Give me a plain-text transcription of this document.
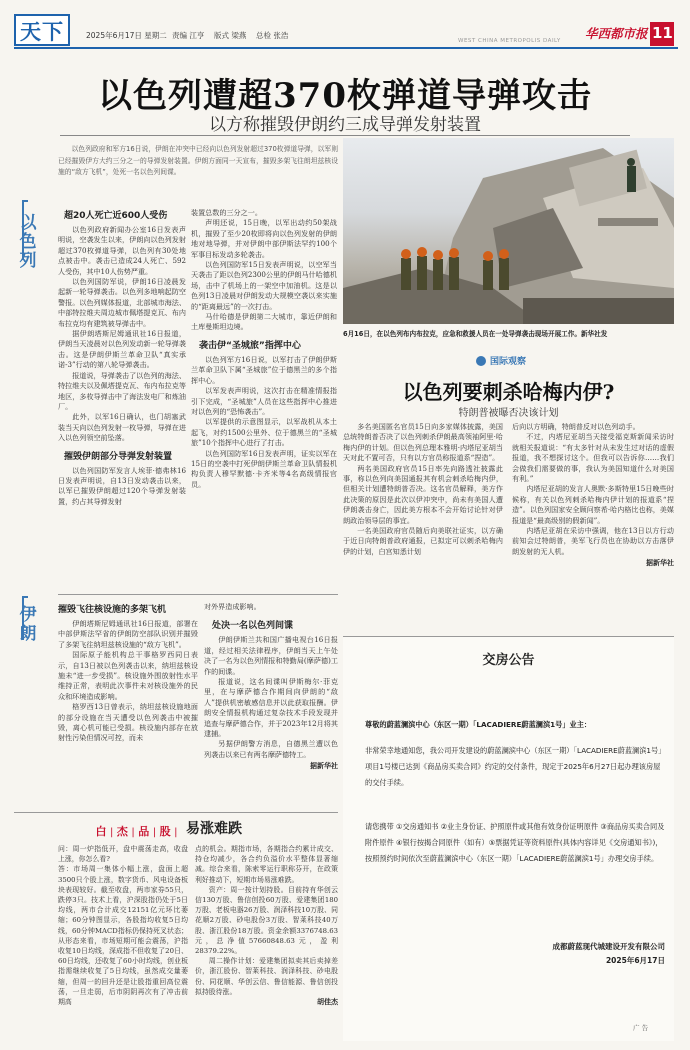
天下	2025年6月17日 星期二 责编 江亨 版式 梁燕 总检 张浩
WEST CHINA METROPOLIS DAILY 华西都市报 11
以色列遭超370枚弹道导弹攻击
以方称摧毁伊朗约三成导弹发射装置

以色列政府和军方16日说，伊朗在冲突中已经向以色列发射超过370枚弹道导弹，以军则已经摧毁伊方大约三分之一的导弹发射装置。伊朗方面同一天宣布，摧毁多架飞往朗坦兹核设施的“敌方飞机”，处死一名以色列间谍。

6月16日，在以色列布内布拉克，应急和救援人员在一处导弹袭击现场开展工作。新华社发
以色列
超20人死亡近600人受伤

以色列政府新闻办公室16日发表声明说，空袭发生以来，伊朗向以色列发射超过370枚弹道导弹，以色列有30处地点被击中。袭击已造成24人死亡、592人受伤，其中10人伤势严重。

以色列国防军说，伊朗16日凌晨发起新一轮导弹袭击。以色列多地响起防空警报。以色列媒体报道，北部城市海法、中部特拉维夫周边城市佩塔提克瓦、布内布拉克均有建筑被导弹击中。

据伊朗塔斯尼姆通讯社16日报道，伊朗当天凌晨对以色列发动新一轮导弹袭击。这是伊朗伊斯兰革命卫队“真实承诺-3”行动的第八轮导弹袭击。

报道说，导弹袭击了以色列的海法、特拉维夫以及佩塔提克瓦、布内布拉克等地区，多枚导弹击中了海法发电厂和炼油厂。

此外，以军16日确认，也门胡塞武装当天向以色列发射一枚导弹，导弹在进入以色列领空前坠落。

摧毁伊朗部分导弹发射装置

以色列国防军发言人埃菲·德弗林16日发表声明说，自13日发动袭击以来，以军已摧毁伊朗超过120个导弹发射装置，约占其导弹发射

装置总数的三分之一。

声明还说，15日晚，以军出动约50架战机，摧毁了至少20枚即将向以色列发射的伊朗地对地导弹，并对伊朗中部伊斯法罕约100个军事目标发动多轮袭击。

以色列国防军15日发表声明说，以空军当天袭击了距以色列2300公里的伊朗马什哈德机场，击中了机场上的一架空中加油机。这是以色列13日凌晨对伊朗发动大规模空袭以来实施的“距离最远”的一次打击。

马什哈德是伊朗第二大城市，靠近伊朗和土库曼斯坦边境。

袭击伊“圣城旅”指挥中心

以色列军方16日说，以军打击了伊朗伊斯兰革命卫队下属“圣城旅”位于德黑兰的多个指挥中心。

以军发表声明说，这次打击在精准情报指引下完成，“圣城旅”人员在这些指挥中心推进对以色列的“恐怖袭击”。

以军提供的示意图显示，以军战机从本土起飞，对约1500公里外、位于德黑兰的“圣城旅”10个指挥中心进行了打击。

以色列国防军16日发表声明，证实以军在15日的空袭中打死伊朗伊斯兰革命卫队情报机构负责人穆罕默德·卡齐米等4名高级情报官员。

伊朗
摧毁飞往核设施的多架飞机

伊朗塔斯尼姆通讯社16日报道，部署在中部伊斯法罕省的伊朗防空部队识别并摧毁了多架飞往纳坦兹核设施的“敌方飞机”。

国际原子能机构总干事格罗西同日表示，自13日被以色列袭击以来，纳坦兹核设施未“进一步受损”。核设施外围放射性水平维持正常，表明此次事件未对核设施外的民众和环境造成影响。

格罗西13日曾表示，纳坦兹核设施地面的部分设施在当天遭受以色列袭击中被摧毁，离心机可能已受损。核设施内部存在放射性污染但情况可控，而未

对外界造成影响。

处决一名以色列间谍

伊朗伊斯兰共和国广播电视台16日报道，经过相关法律程序，伊朗当天上午处决了一名为以色列情报和特勤局(摩萨德)工作的间谍。

报道说，这名间谍叫伊斯梅尔·菲克里，在与摩萨德合作期间向伊朗的“敌人”提供机密敏感信息并以此获取报酬。伊朗安全情报机构通过复杂技术手段发现并追查与摩萨德合作，并于2023年12月将其逮捕。

另据伊朗警方消息，自德黑兰遭以色列袭击以来已有两名摩萨德特工。

据新华社
国际观察
以色列要刺杀哈梅内伊?
特朗普被曝否决该计划

多名美国匿名官员15日向多家媒体披露，美国总统特朗普否决了以色列刺杀伊朗最高领袖阿里·哈梅内伊的计划。但以色列总理本雅明·内塔尼亚胡当天对此不置可否，只有以方官员称报道系“捏造”。

两名美国政府官员15日率先向路透社披露此事，称以色列向美国通报其有机会刺杀哈梅内伊，但相关计划遭特朗普否决。这名官员解释，美方作此决策的原因是此次以伊冲突中，尚未有美国人遭伊朗袭击身亡，因此美方根本不会开始讨论针对伊朗政治领导层的事宜。

一名美国政府官员随后向美联社证实，以方确于近日向特朗普政府通报，已拟定可以刺杀哈梅内伊的计划，白宫知悉计划

后向以方明确，特朗普反对以色列动手。

不过，内塔尼亚胡当天接受福克斯新闻采访时就相关报道说：“有太多针对从未发生过对话的虚假报道，我不想探讨这个。但我可以告诉你……我们会做我们需要做的事，我认为美国知道什么对美国有利。”

内塔尼亚胡的发言人奥默·多斯特里15日晚些时候称，有关以色列刺杀哈梅内伊计划的报道系“捏造”。以色列国家安全顾问察希·哈内格比也称，美媒报道是“最高级别的假新闻”。

内塔尼亚胡在采访中强调，他在13日以方行动前知会过特朗普，美军飞行员也在协助以方击落伊朗发射的无人机。

据新华社
交房公告
尊敬的蔚蓝澜滨中心（东区一期）「LACADIERE蔚蓝澜滨1号」业主：
非常荣幸地通知您，我公司开发建设的蔚蓝澜滨中心（东区一期）「LACADIERE蔚蓝澜滨1号」项目1号楼已达到《商品房买卖合同》约定的交付条件，现定于2025年6月27日起办理该房屋的交付手续。
请您携带 ①交房通知书 ②业主身份证、护照原件或其他有效身份证明原件 ③商品房买卖合同及附件原件 ④银行按揭合同原件（如有）⑤票据凭证等资料原件(具体内容详见《交房通知书》)，按照预约时间依次至蔚蓝澜滨中心（东区一期）「LACADIERE蔚蓝澜滨1号」办理交房手续。
成都蔚蓝现代城建设开发有限公司
2025年6月17日
广 告
白 | 杰 | 品 | 股 | 易涨难跌

问：周一炉指低开，盘中震荡走高，收盘上涨，你怎么看?

答：市场周一集体小幅上涨，盘面上超3500只个股上涨，数字货币、风电设备板块表现较好。截至收盘，两市家券55只，跌停3只。技术上看，沪深股指仍处于5日均线，两市合计成交12151亿元环比萎缩；60分钟图显示，各股指均收复5日均线，60分钟MACD指标仍保持死叉状态；从形态来看，市场短期可能会震荡，沪指收复10日均线，深成指不但收复了20日、60日均线，还收复了60小时均线，创业板指需继续收复了5日均线，虽然成交量萎缩，但周一的回升还是让股指重回高位震荡，一旦走弱，后市阴阴再次有了冲击前期高

点的机会。期指市场，各期指合约累计成交、持仓均减少，各合约负溢价水平整体显著缩减。综合来看，陈索零运行职称芬开，在政策利好推动下，短期市场易涨难跌。

资产：周一按计划持股。目前持有华创云信130万股、鲁信创投60万股、爱建集团180万股、老板电器26万股、润泽科技10万股、同花顺2万股、砂电股份3万股、智莱科技40万股、浙江股份18万股。资金余额337674​8.63元，总净值57660848.63元，盈利28379.22%。

周二操作计划：爱建集团拟卖其后卖掉差价，浙江股份、智莱科技、润泽科技、砂电股份、同花顺、华创云信、鲁信能源、鲁信创投拟持股待涨。

胡佳杰
